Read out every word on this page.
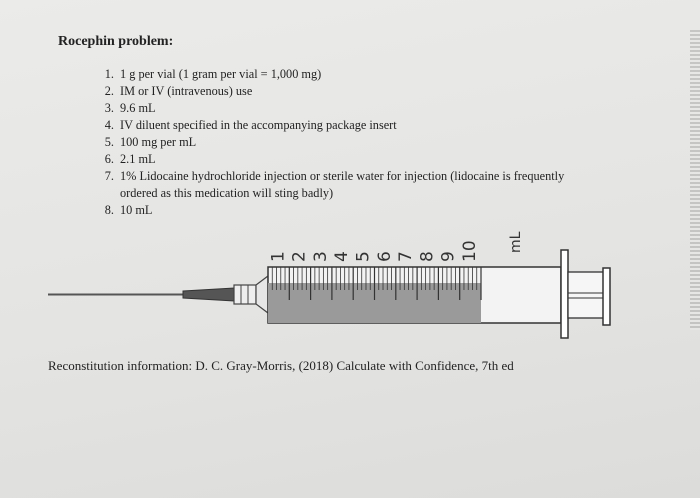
Rocephin problem:
1. 1 g per vial (1 gram per vial = 1,000 mg)
2. IM or IV (intravenous) use
3. 9.6 mL
4. IV diluent specified in the accompanying package insert
5. 100 mg per mL
6. 2.1 mL
7. 1% Lidocaine hydrochloride injection or sterile water for injection (lidocaine is frequently ordered as this medication will sting badly)
8. 10 mL
1 2 3 4 5 6 7 8 9 10 mL
Reconstitution information: D. C. Gray-Morris, (2018) Calculate with Confidence, 7th ed
